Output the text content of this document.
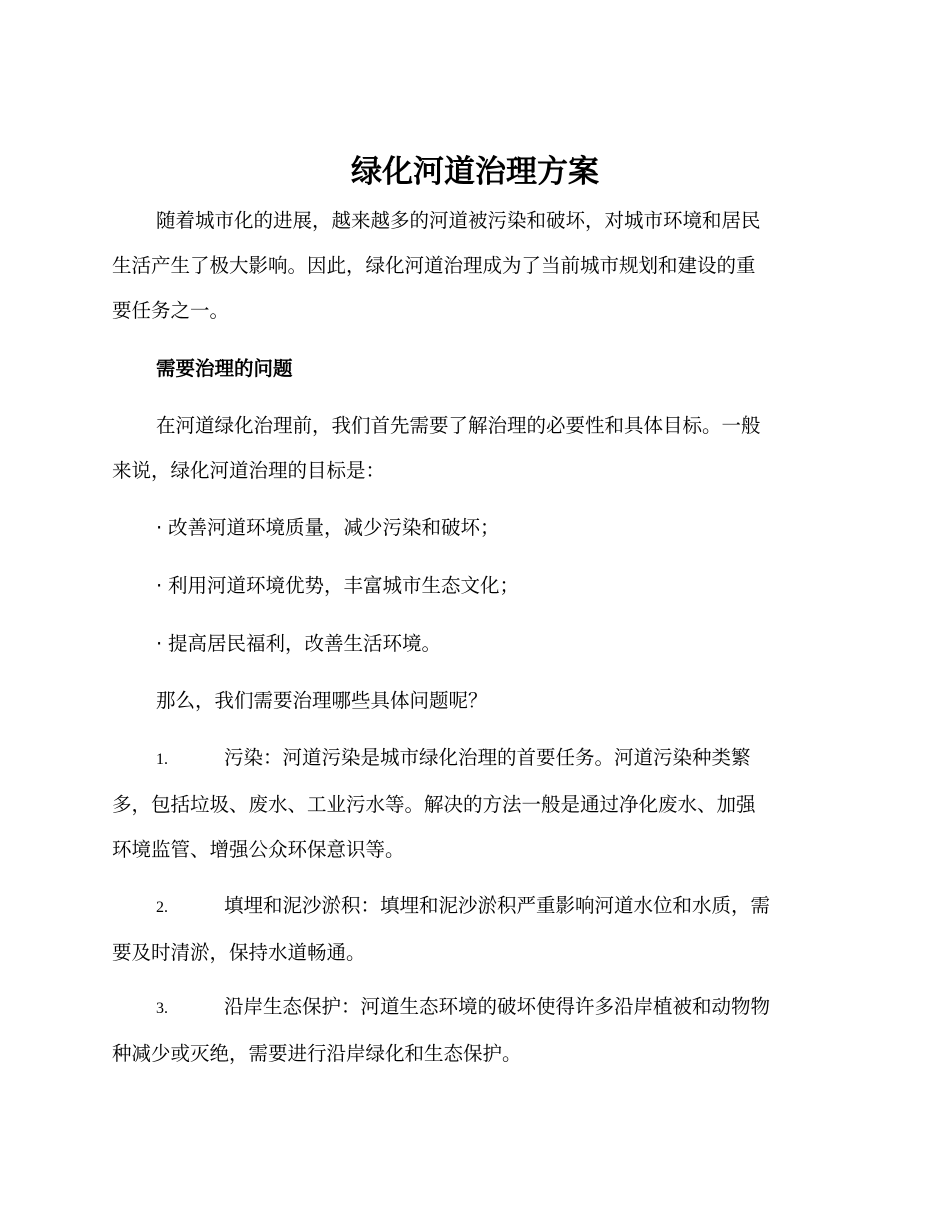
绿化河道治理方案
随着城市化的进展，越来越多的河道被污染和破坏，对城市环境和居民
生活产生了极大影响。因此，绿化河道治理成为了当前城市规划和建设的重
要任务之一。
需要治理的问题
在河道绿化治理前，我们首先需要了解治理的必要性和具体目标。一般
来说，绿化河道治理的目标是：
· 改善河道环境质量，减少污染和破坏；
· 利用河道环境优势，丰富城市生态文化；
· 提高居民福利，改善生活环境。
那么，我们需要治理哪些具体问题呢？
1.	污染：河道污染是城市绿化治理的首要任务。河道污染种类繁
多，包括垃圾、废水、工业污水等。解决的方法一般是通过净化废水、加强
环境监管、增强公众环保意识等。
2.	填埋和泥沙淤积：填埋和泥沙淤积严重影响河道水位和水质，需
要及时清淤，保持水道畅通。
3.	沿岸生态保护：河道生态环境的破坏使得许多沿岸植被和动物物
种减少或灭绝，需要进行沿岸绿化和生态保护。
